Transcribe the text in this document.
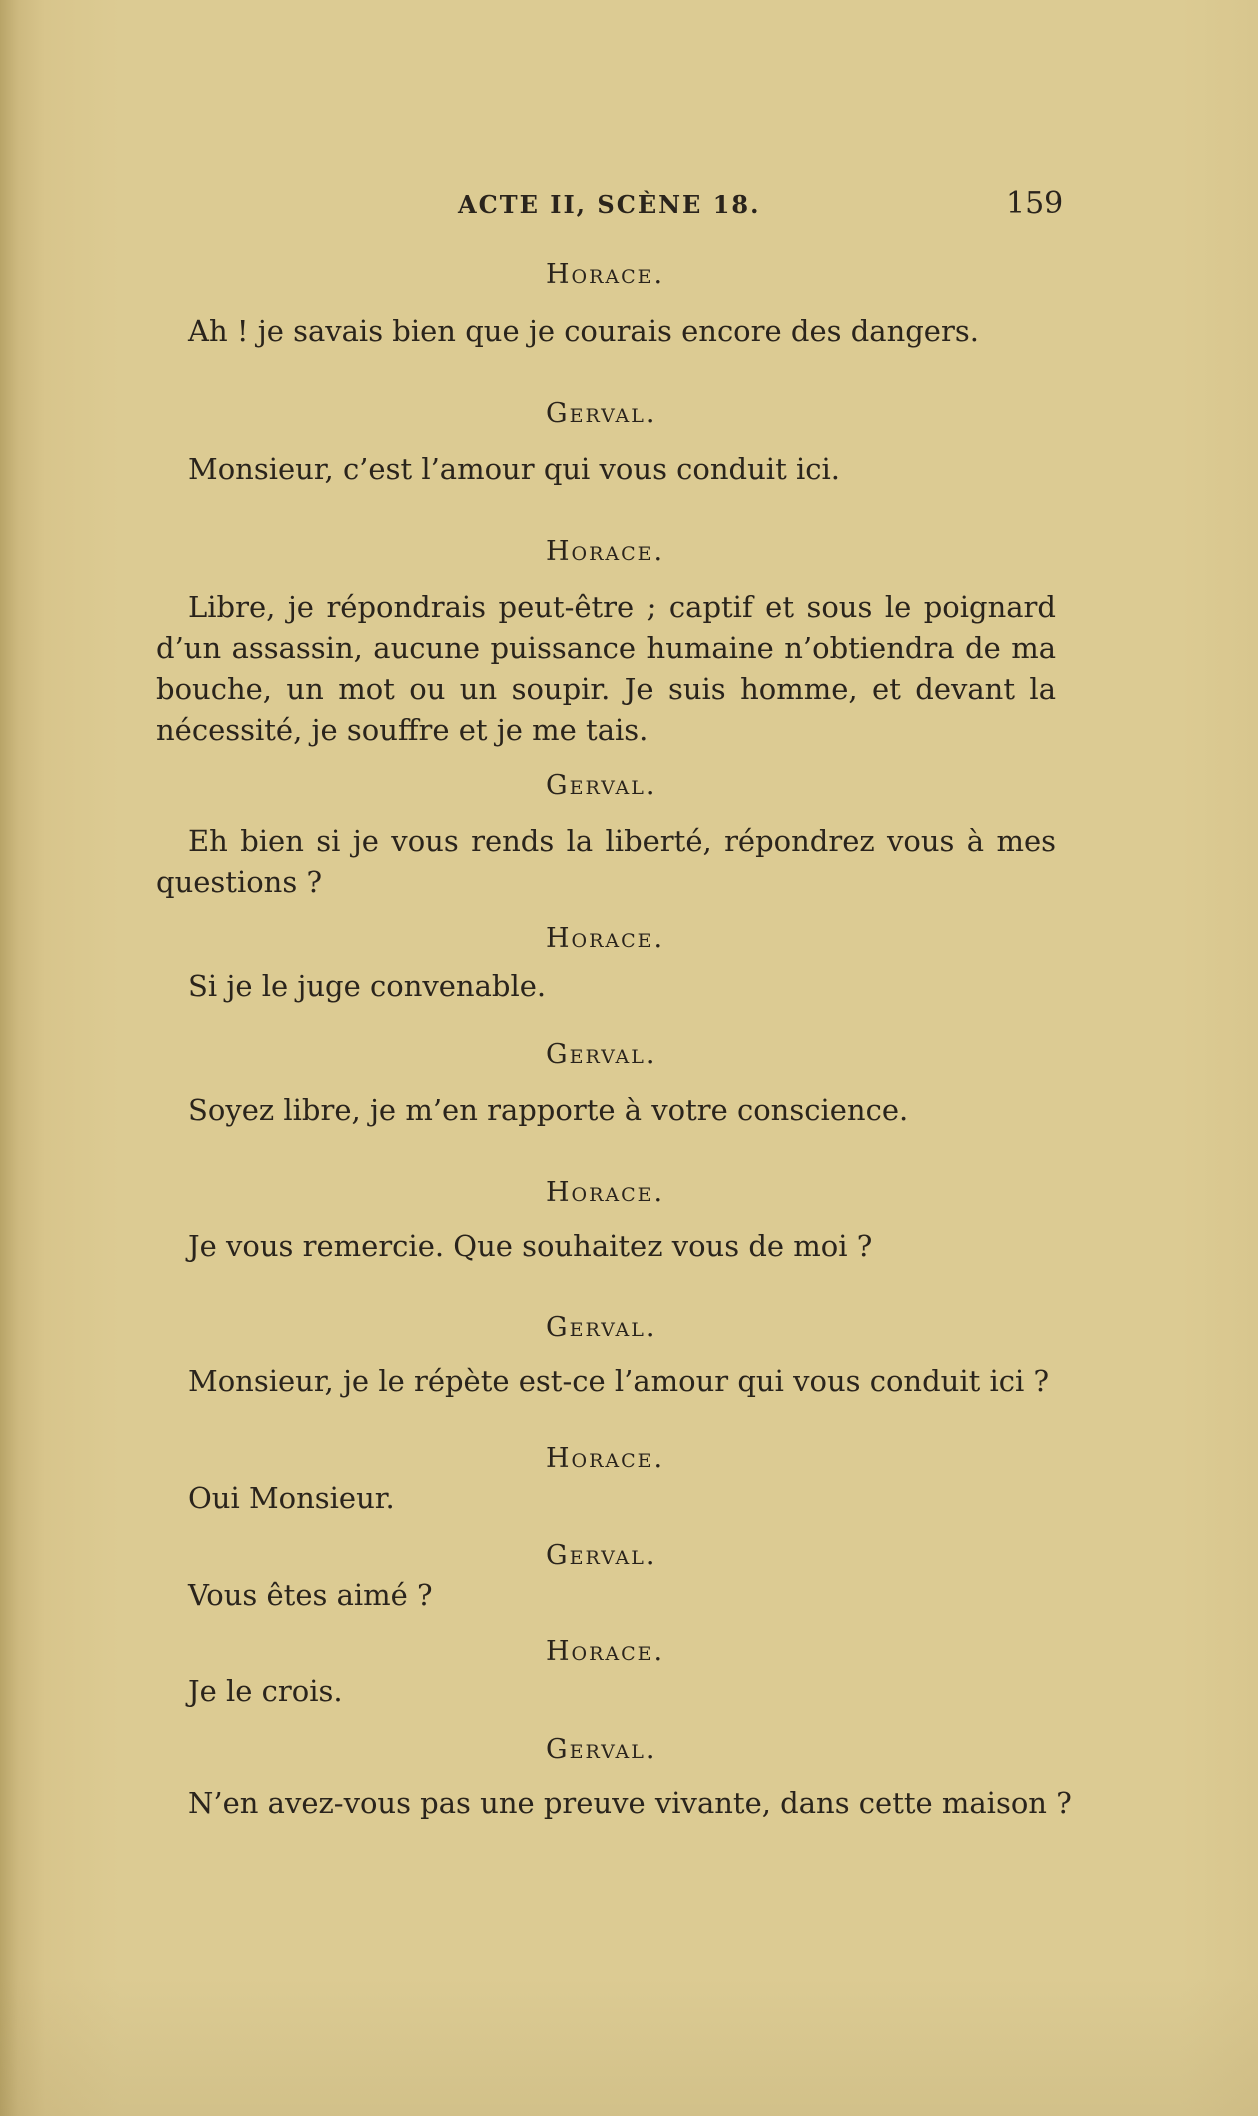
ACTE II, SCÈNE 18.	159
Horace.
Ah ! je savais bien que je courais encore des dangers.
Gerval.
Monsieur, c’est l’amour qui vous conduit ici.
Horace.
Libre, je répondrais peut-être ; captif et sous le poignard d’un assassin, aucune puissance humaine n’obtiendra de ma bouche, un mot ou un soupir. Je suis homme, et devant la nécessité, je souffre et je me tais.
Gerval.
Eh bien si je vous rends la liberté, répondrez vous à mes questions ?
Horace.
Si je le juge convenable.
Gerval.
Soyez libre, je m’en rapporte à votre conscience.
Horace.
Je vous remercie. Que souhaitez vous de moi ?
Gerval.
Monsieur, je le répète est-ce l’amour qui vous conduit ici ?
Horace.
Oui Monsieur.
Gerval.
Vous êtes aimé ?
Horace.
Je le crois.
Gerval.
N’en avez-vous pas une preuve vivante, dans cette maison ?
